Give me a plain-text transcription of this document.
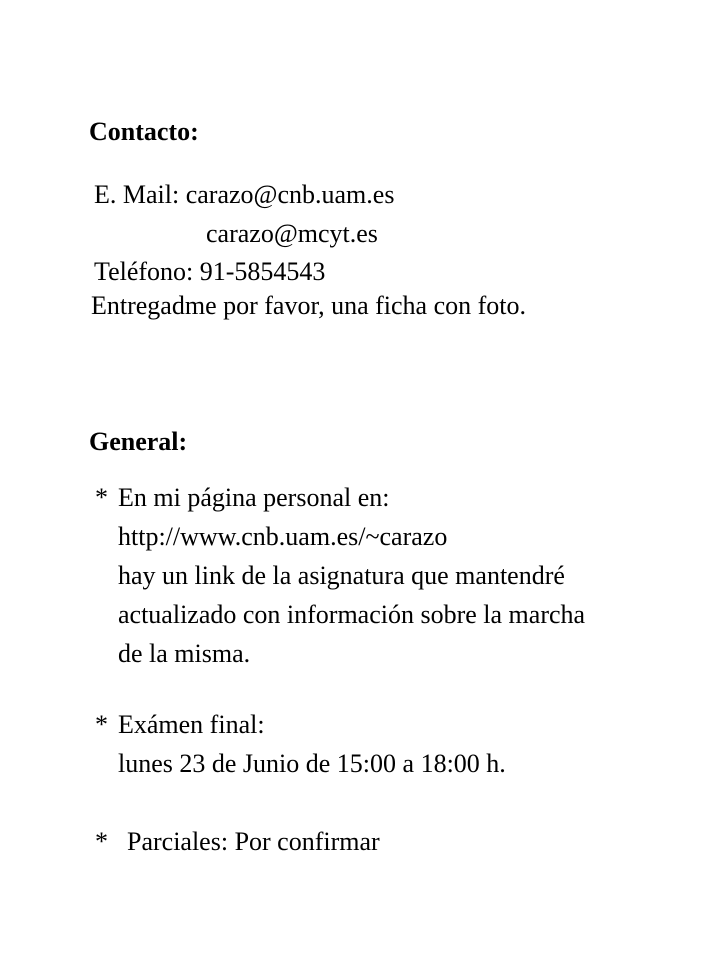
Contacto:
E. Mail: carazo@cnb.uam.es
carazo@mcyt.es
Teléfono: 91-5854543
Entregadme por favor, una ficha con foto.
General:
* En mi página personal en:
http://www.cnb.uam.es/~carazo
hay un link de la asignatura que mantendré
actualizado con información sobre la marcha
de la misma.
* Exámen final:
lunes 23 de Junio de 15:00 a 18:00 h.
* Parciales: Por confirmar
